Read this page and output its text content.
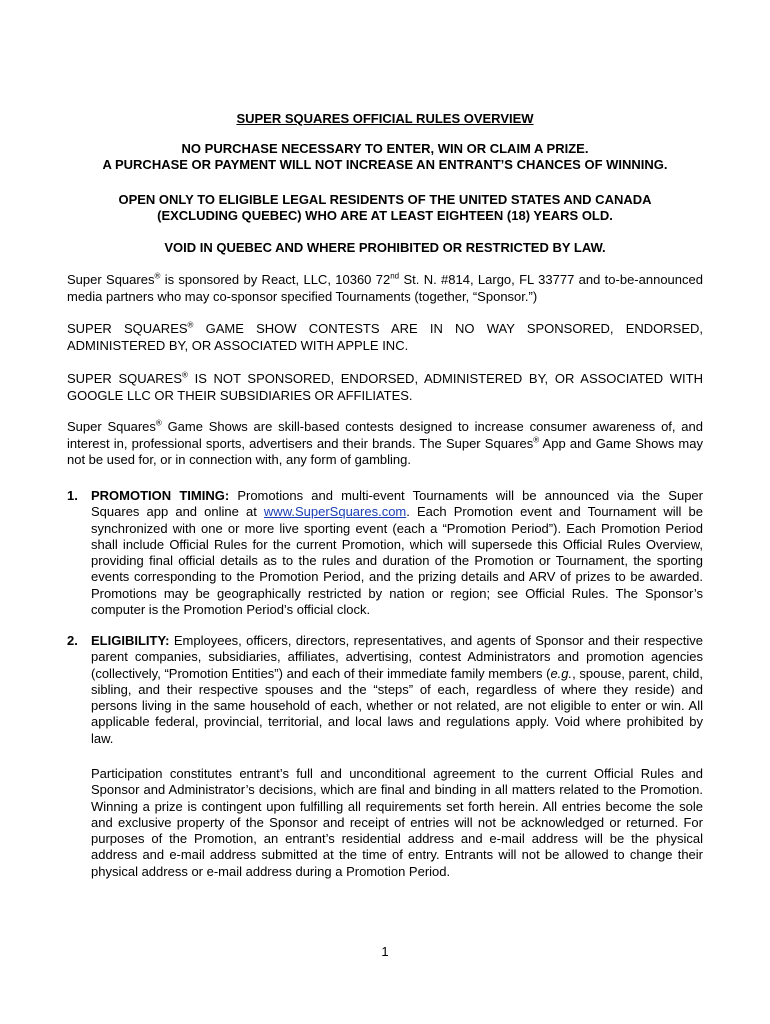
SUPER SQUARES OFFICIAL RULES OVERVIEW
NO PURCHASE NECESSARY TO ENTER, WIN OR CLAIM A PRIZE.
A PURCHASE OR PAYMENT WILL NOT INCREASE AN ENTRANT’S CHANCES OF WINNING.
OPEN ONLY TO ELIGIBLE LEGAL RESIDENTS OF THE UNITED STATES AND CANADA
(EXCLUDING QUEBEC) WHO ARE AT LEAST EIGHTEEN (18) YEARS OLD.
VOID IN QUEBEC AND WHERE PROHIBITED OR RESTRICTED BY LAW.
Super Squares® is sponsored by React, LLC, 10360 72nd St. N. #814, Largo, FL 33777 and to-be-announced media partners who may co-sponsor specified Tournaments (together, “Sponsor.”)
SUPER SQUARES® GAME SHOW CONTESTS ARE IN NO WAY SPONSORED, ENDORSED, ADMINISTERED BY, OR ASSOCIATED WITH APPLE INC.
SUPER SQUARES® IS NOT SPONSORED, ENDORSED, ADMINISTERED BY, OR ASSOCIATED WITH GOOGLE LLC OR THEIR SUBSIDIARIES OR AFFILIATES.
Super Squares® Game Shows are skill-based contests designed to increase consumer awareness of, and interest in, professional sports, advertisers and their brands. The Super Squares® App and Game Shows may not be used for, or in connection with, any form of gambling.
1. PROMOTION TIMING: Promotions and multi-event Tournaments will be announced via the Super Squares app and online at www.SuperSquares.com. Each Promotion event and Tournament will be synchronized with one or more live sporting event (each a “Promotion Period”). Each Promotion Period shall include Official Rules for the current Promotion, which will supersede this Official Rules Overview, providing final official details as to the rules and duration of the Promotion or Tournament, the sporting events corresponding to the Promotion Period, and the prizing details and ARV of prizes to be awarded. Promotions may be geographically restricted by nation or region; see Official Rules. The Sponsor’s computer is the Promotion Period’s official clock.
2. ELIGIBILITY: Employees, officers, directors, representatives, and agents of Sponsor and their respective parent companies, subsidiaries, affiliates, advertising, contest Administrators and promotion agencies (collectively, “Promotion Entities”) and each of their immediate family members (e.g., spouse, parent, child, sibling, and their respective spouses and the “steps” of each, regardless of where they reside) and persons living in the same household of each, whether or not related, are not eligible to enter or win. All applicable federal, provincial, territorial, and local laws and regulations apply. Void where prohibited by law.
Participation constitutes entrant’s full and unconditional agreement to the current Official Rules and Sponsor and Administrator’s decisions, which are final and binding in all matters related to the Promotion. Winning a prize is contingent upon fulfilling all requirements set forth herein. All entries become the sole and exclusive property of the Sponsor and receipt of entries will not be acknowledged or returned. For purposes of the Promotion, an entrant’s residential address and e-mail address will be the physical address and e-mail address submitted at the time of entry. Entrants will not be allowed to change their physical address or e-mail address during a Promotion Period.
1
